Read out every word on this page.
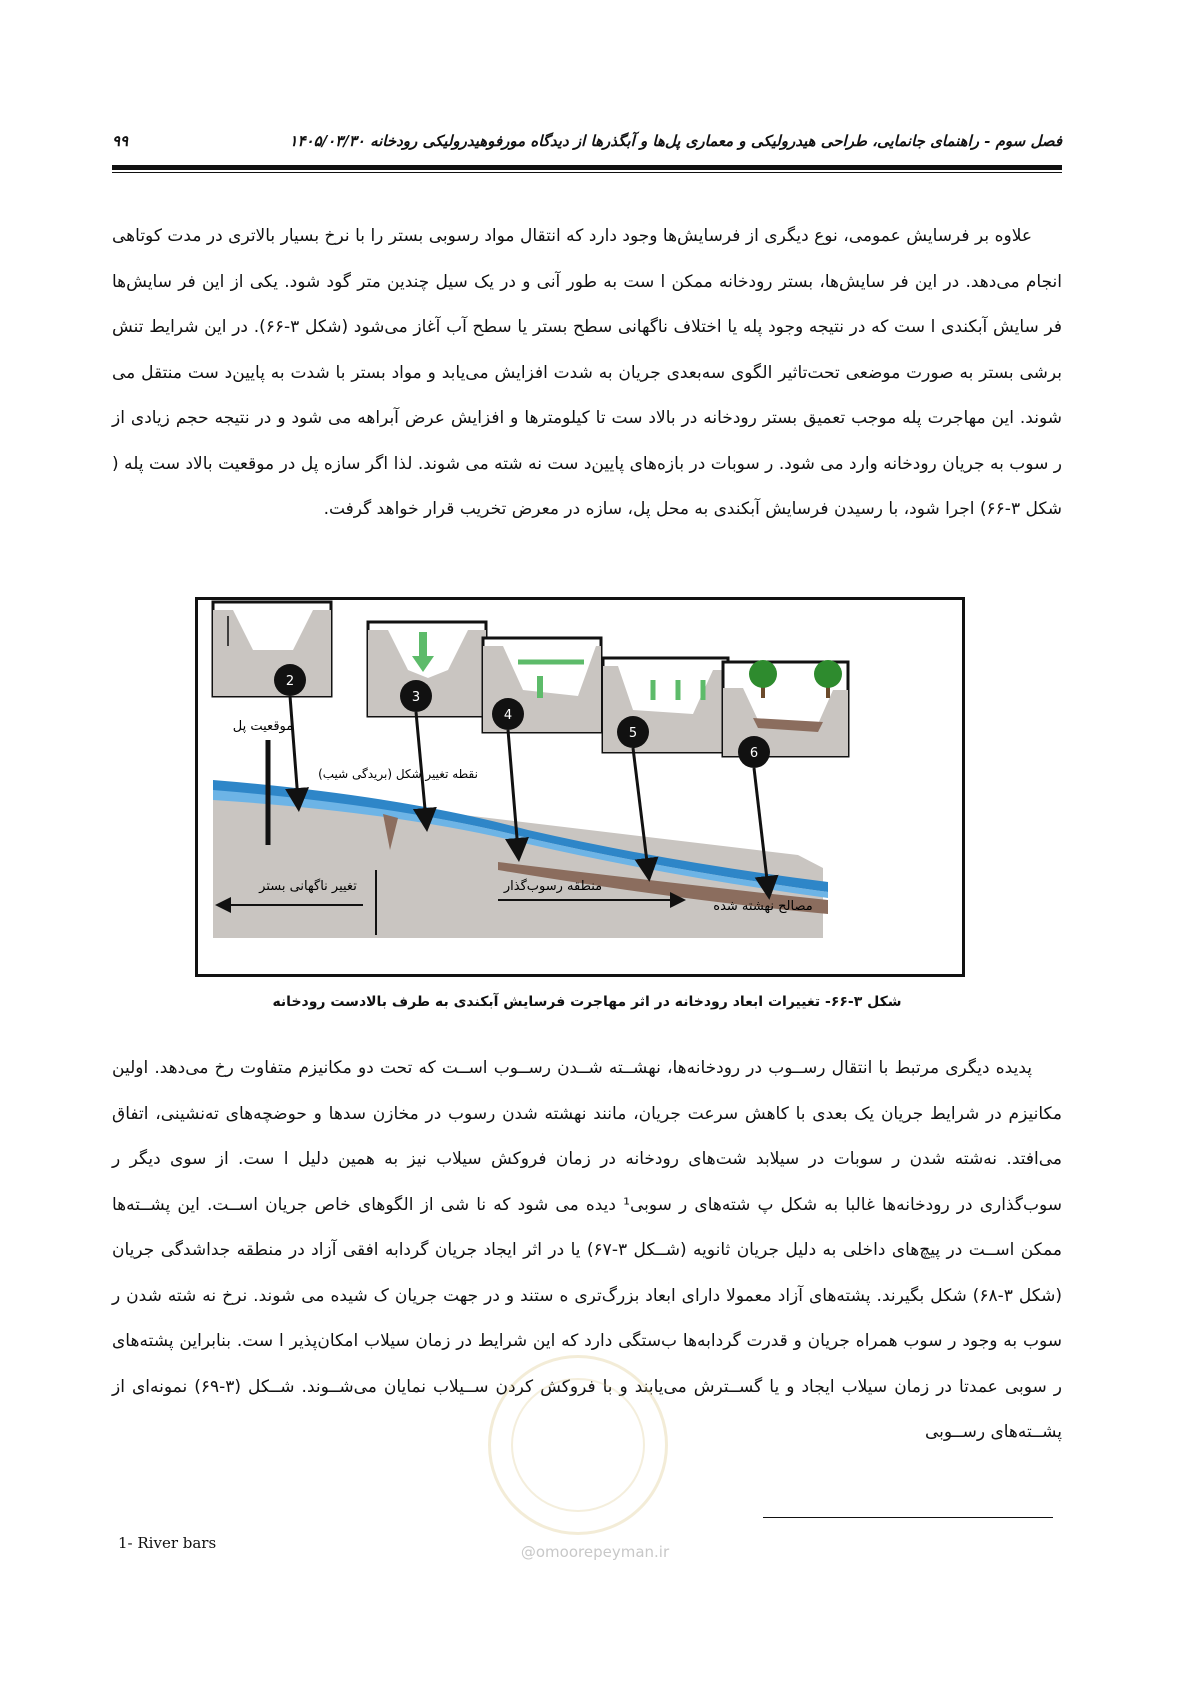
فصل سوم - راهنمای جانمایی، طراحی هیدرولیکی و معماری پل‌ها و آبگذرها از دیدگاه مورفوهیدرولیکی رودخانه ۱۴۰۵/۰۳/۳۰
۹۹

علاوه بر فرسایش عمومی، نوع دیگری از فرسایش‌ها وجود دارد که انتقال مواد رسوبی بستر را با نرخ بسیار بالاتری در مدت کوتاهی انجام می‌دهد. در این فر سایش‌ها، بستر رودخانه ممکن ا ست به طور آنی و در یک سیل چندین متر گود شود. یکی از این فر سایش‌ها فر سایش آبکندی ا ست که در نتیجه وجود پله یا اختلاف ناگهانی سطح بستر یا سطح آب آغاز می‌شود (شکل ۳-۶۶). در این شرایط تنش برشی بستر به صورت موضعی تحت‌تاثیر الگوی سه‌بعدی جریان به شدت افزایش می‌یابد و مواد بستر با شدت به پایین‌د ست منتقل می شوند. این مهاجرت پله موجب تعمیق بستر رودخانه در بالاد ست تا کیلومترها و افزایش عرض آبراهه می شود و در نتیجه حجم زیادی از ر سوب به جریان رودخانه وارد می شود. ر سوبات در بازه‌های پایین‌د ست نه شته می شوند. لذا اگر سازه پل در موقعیت بالاد ست پله ( شکل ۳-۶۶) اجرا شود، با رسیدن فرسایش آبکندی به محل پل، سازه در معرض تخریب قرار خواهد گرفت.

2
3
4
5
6
موقعیت پل
نقطه تغییر شکل (بریدگی شیب)
تغییر ناگهانی بستر	منطقه رسوب‌گذار
مصالح نهشته شده
شکل ۳-۶۶- تغییرات ابعاد رودخانه در اثر مهاجرت فرسایش آبکندی به طرف بالادست رودخانه

پدیده دیگری مرتبط با انتقال رســوب در رودخانه‌ها، نهشــته شــدن رســوب اســت که تحت دو مکانیزم متفاوت رخ می‌دهد. اولین مکانیزم در شرایط جریان یک بعدی با کاهش سرعت جریان، مانند نهشته شدن رسوب در مخازن سدها و حوضچه‌های ته‌نشینی، اتفاق می‌افتد. نه‌شته شدن ر سوبات در سیلابد شت‌های رودخانه در زمان فروکش سیلاب نیز به همین دلیل ا ست. از سوی دیگر ر سوب‌گذاری در رودخانه‌ها غالبا به شکل پ شته‌های ر سوبی¹ دیده می شود که نا شی از الگوهای خاص جریان اســت. این پشــته‌ها ممکن اســت در پیچ‌های داخلی به دلیل جریان ثانویه (شــکل ۳-۶۷) یا در اثر ایجاد جریان گردابه افقی آزاد در منطقه جداشدگی جریان (شکل ۳-۶۸) شکل بگیرند. پشته‌های آزاد معمولا دارای ابعاد بزرگ‌تری ه ستند و در جهت جریان ک شیده می شوند. نرخ نه شته شدن ر سوب به وجود ر سوب همراه جریان و قدرت گردابه‌ها ب‌ستگی دارد که این شرایط در زمان سیلاب امکان‌پذیر ا ست. بنابراین پشته‌های ر سوبی عمدتا در زمان سیلاب ایجاد و یا گســترش می‌یابند و با فروکش کردن ســیلاب نمایان می‌شــوند. شــکل (۳-۶۹) نمونه‌ای از پشــته‌های رســوبی

@omoorepeyman.ir
1- River bars
